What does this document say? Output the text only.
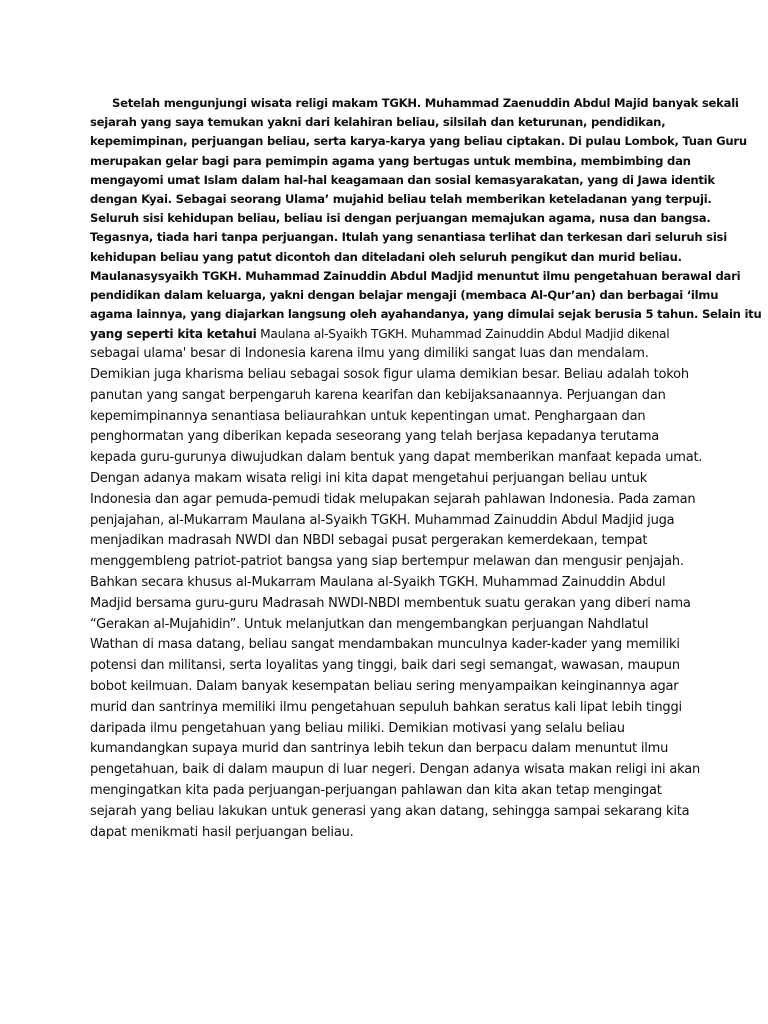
Setelah mengunjungi wisata religi makam TGKH. Muhammad Zaenuddin Abdul Majid banyak sekali
sejarah yang saya temukan yakni dari kelahiran beliau, silsilah dan keturunan, pendidikan,
kepemimpinan, perjuangan beliau, serta karya-karya yang beliau ciptakan. Di pulau Lombok, Tuan Guru
merupakan gelar bagi para pemimpin agama yang bertugas untuk membina, membimbing dan
mengayomi umat Islam dalam hal-hal keagamaan dan sosial kemasyarakatan, yang di Jawa identik
dengan Kyai. Sebagai seorang Ulama’ mujahid beliau telah memberikan keteladanan yang terpuji.
Seluruh sisi kehidupan beliau, beliau isi dengan perjuangan memajukan agama, nusa dan bangsa.
Tegasnya, tiada hari tanpa perjuangan. Itulah yang senantiasa terlihat dan terkesan dari seluruh sisi
kehidupan beliau yang patut dicontoh dan diteladani oleh seluruh pengikut dan murid beliau.
Maulanasysyaikh TGKH. Muhammad Zainuddin Abdul Madjid menuntut ilmu pengetahuan berawal dari
pendidikan dalam keluarga, yakni dengan belajar mengaji (membaca Al-Qur’an) dan berbagai ‘ilmu
agama lainnya, yang diajarkan langsung oleh ayahandanya, yang dimulai sejak berusia 5 tahun. Selain itu
yang seperti kita ketahui Maulana al-Syaikh TGKH. Muhammad Zainuddin Abdul Madjid dikenal
sebagai ulama' besar di Indonesia karena ilmu yang dimiliki sangat luas dan mendalam.
Demikian juga kharisma beliau sebagai sosok figur ulama demikian besar. Beliau adalah tokoh
panutan yang sangat berpengaruh karena kearifan dan kebijaksanaannya. Perjuangan dan
kepemimpinannya senantiasa beliaurahkan untuk kepentingan umat. Penghargaan dan
penghormatan yang diberikan kepada seseorang yang telah berjasa kepadanya terutama
kepada guru-gurunya diwujudkan dalam bentuk yang dapat memberikan manfaat kepada umat.
Dengan adanya makam wisata religi ini kita dapat mengetahui perjuangan beliau untuk
Indonesia dan agar pemuda-pemudi tidak melupakan sejarah pahlawan Indonesia. Pada zaman
penjajahan, al-Mukarram Maulana al-Syaikh TGKH. Muhammad Zainuddin Abdul Madjid juga
menjadikan madrasah NWDI dan NBDI sebagai pusat pergerakan kemerdekaan, tempat
menggembleng patriot-patriot bangsa yang siap bertempur melawan dan mengusir penjajah.
Bahkan secara khusus al-Mukarram Maulana al-Syaikh TGKH. Muhammad Zainuddin Abdul
Madjid bersama guru-guru Madrasah NWDI-NBDI membentuk suatu gerakan yang diberi nama
“Gerakan al-Mujahidin”. Untuk melanjutkan dan mengembangkan perjuangan Nahdlatul
Wathan di masa datang, beliau sangat mendambakan munculnya kader-kader yang memiliki
potensi dan militansi, serta loyalitas yang tinggi, baik dari segi semangat, wawasan, maupun
bobot keilmuan. Dalam banyak kesempatan beliau sering menyampaikan keinginannya agar
murid dan santrinya memiliki ilmu pengetahuan sepuluh bahkan seratus kali lipat lebih tinggi
daripada ilmu pengetahuan yang beliau miliki. Demikian motivasi yang selalu beliau
kumandangkan supaya murid dan santrinya lebih tekun dan berpacu dalam menuntut ilmu
pengetahuan, baik di dalam maupun di luar negeri. Dengan adanya wisata makan religi ini akan
mengingatkan kita pada perjuangan-perjuangan pahlawan dan kita akan tetap mengingat
sejarah yang beliau lakukan untuk generasi yang akan datang, sehingga sampai sekarang kita
dapat menikmati hasil perjuangan beliau.
